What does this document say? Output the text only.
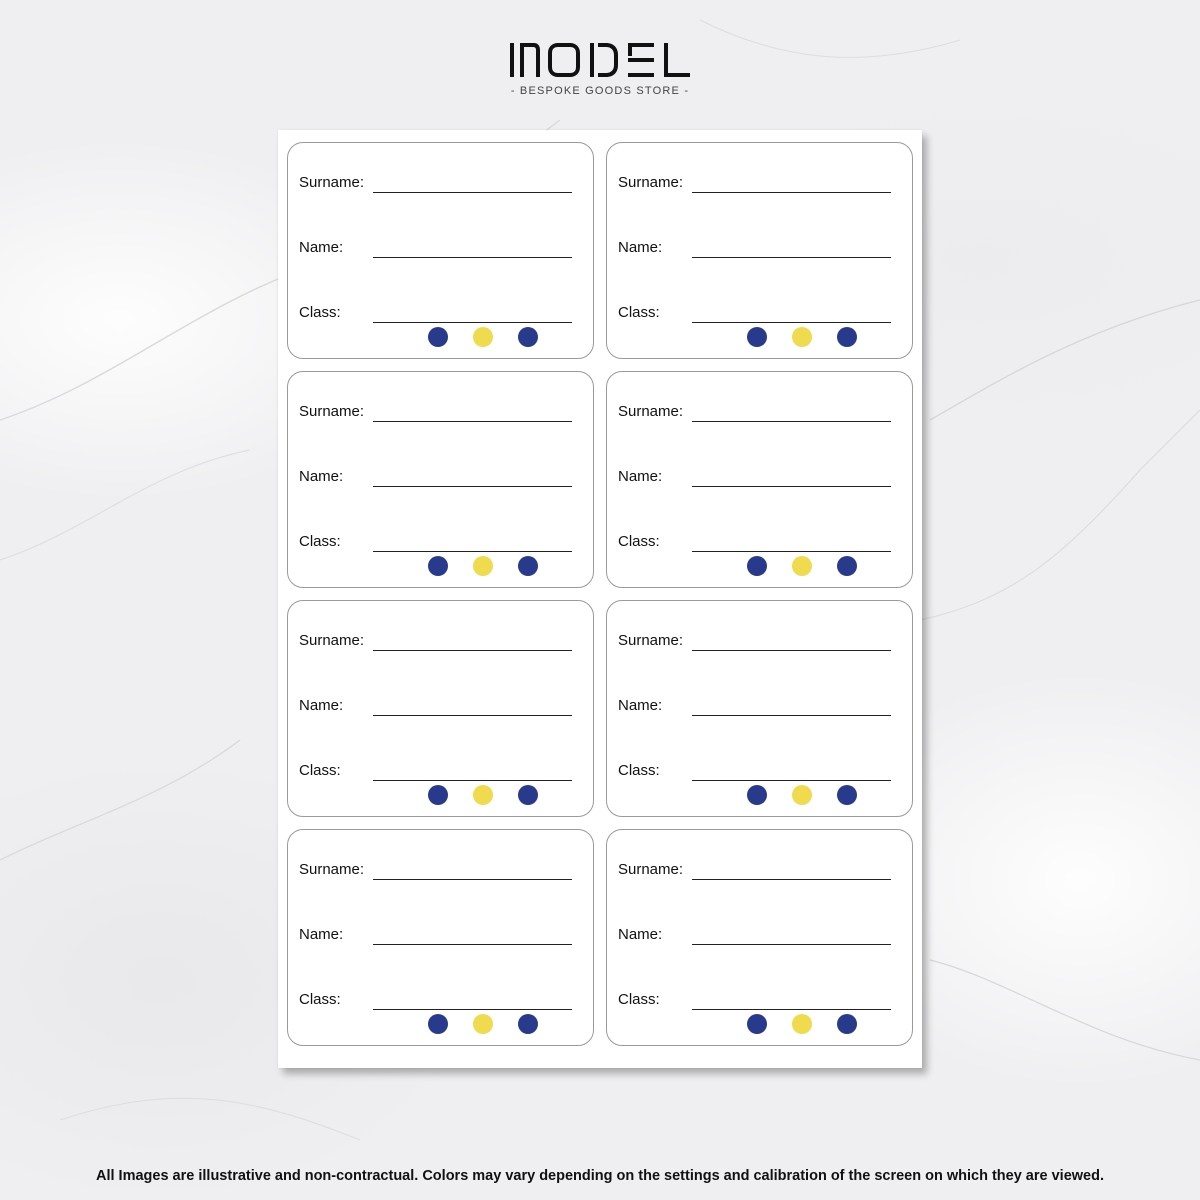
- BESPOKE GOODS STORE -
Surname:
Name:
Class:
Surname:
Name:
Class:
Surname:
Name:
Class:
Surname:
Name:
Class:
Surname:
Name:
Class:
Surname:
Name:
Class:
Surname:
Name:
Class:
Surname:
Name:
Class:
All Images are illustrative and non-contractual. Colors may vary depending on the settings and calibration of the screen on which they are viewed.
